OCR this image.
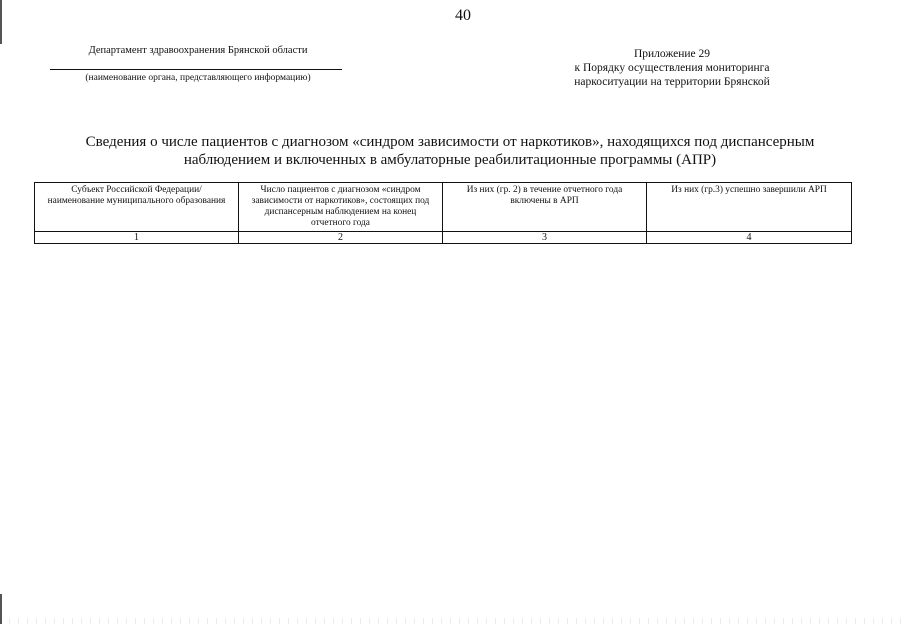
40
Департамент здравоохранения Брянской области
(наименование органа, представляющего информацию)
Приложение 29
к Порядку осуществления мониторинга
наркоситуации на территории Брянской
Сведения о числе пациентов с диагнозом «синдром зависимости от наркотиков», находящихся под диспансерным
наблюдением и включенных в амбулаторные реабилитационные программы (АПР)
Субъект Российской Федерации/ наименование муниципального образования	Число пациентов с диагнозом «синдром зависимости от наркотиков», состоящих под диспансерным наблюдением на конец отчетного года	Из них (гр. 2) в течение отчетного года включены в АРП	Из них (гр.3) успешно завершили АРП
1	2	3	4
